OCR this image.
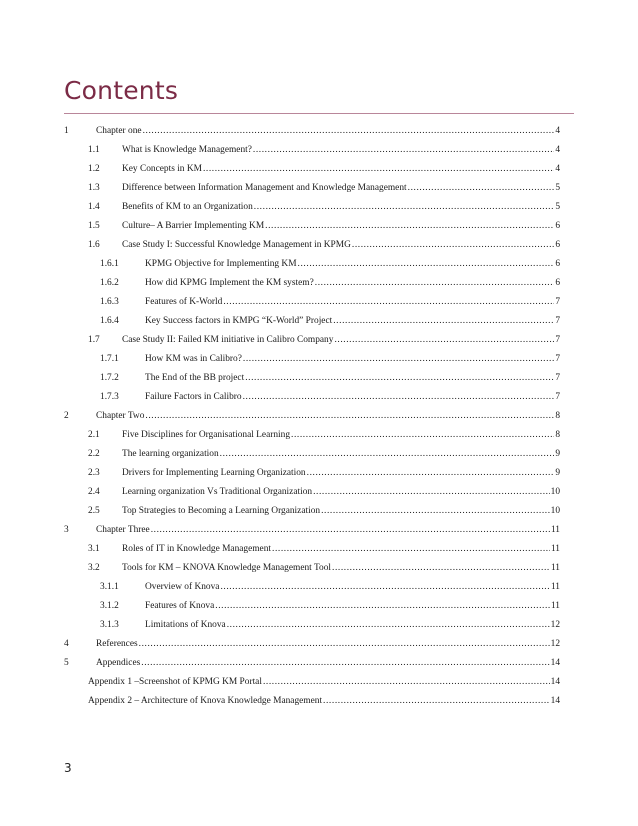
Contents
1	Chapter one .....	4
1.1	What is Knowledge Management? .....	4
1.2	Key Concepts in KM .....	4
1.3	Difference between Information Management and Knowledge Management .....	5
1.4	Benefits of KM to an Organization .....	5
1.5	Culture– A Barrier Implementing KM .....	6
1.6	Case Study I: Successful Knowledge Management in KPMG .....	6
1.6.1	KPMG Objective for Implementing KM .....	6
1.6.2	How did KPMG Implement the KM system? .....	6
1.6.3	Features of K-World .....	7
1.6.4	Key Success factors in KMPG “K-World” Project .....	7
1.7	Case Study II: Failed KM initiative in Calibro Company .....	7
1.7.1	How KM was in Calibro? .....	7
1.7.2	The End of the BB project .....	7
1.7.3	Failure Factors in Calibro .....	7
2	Chapter Two .....	8
2.1	Five Disciplines for Organisational Learning .....	8
2.2	The learning organization .....	9
2.3	Drivers for Implementing Learning Organization .....	9
2.4	Learning organization Vs Traditional Organization .....	10
2.5	Top Strategies to Becoming a Learning Organization .....	10
3	Chapter Three .....	11
3.1	Roles of IT in Knowledge Management .....	11
3.2	Tools for KM – KNOVA Knowledge Management Tool .....	11
3.1.1	Overview of Knova .....	11
3.1.2	Features of Knova .....	11
3.1.3	Limitations of Knova .....	12
4	References .....	12
5	Appendices .....	14
Appendix 1 –Screenshot of KPMG KM Portal .....	14
Appendix 2 – Architecture of Knova Knowledge Management .....	14
3
